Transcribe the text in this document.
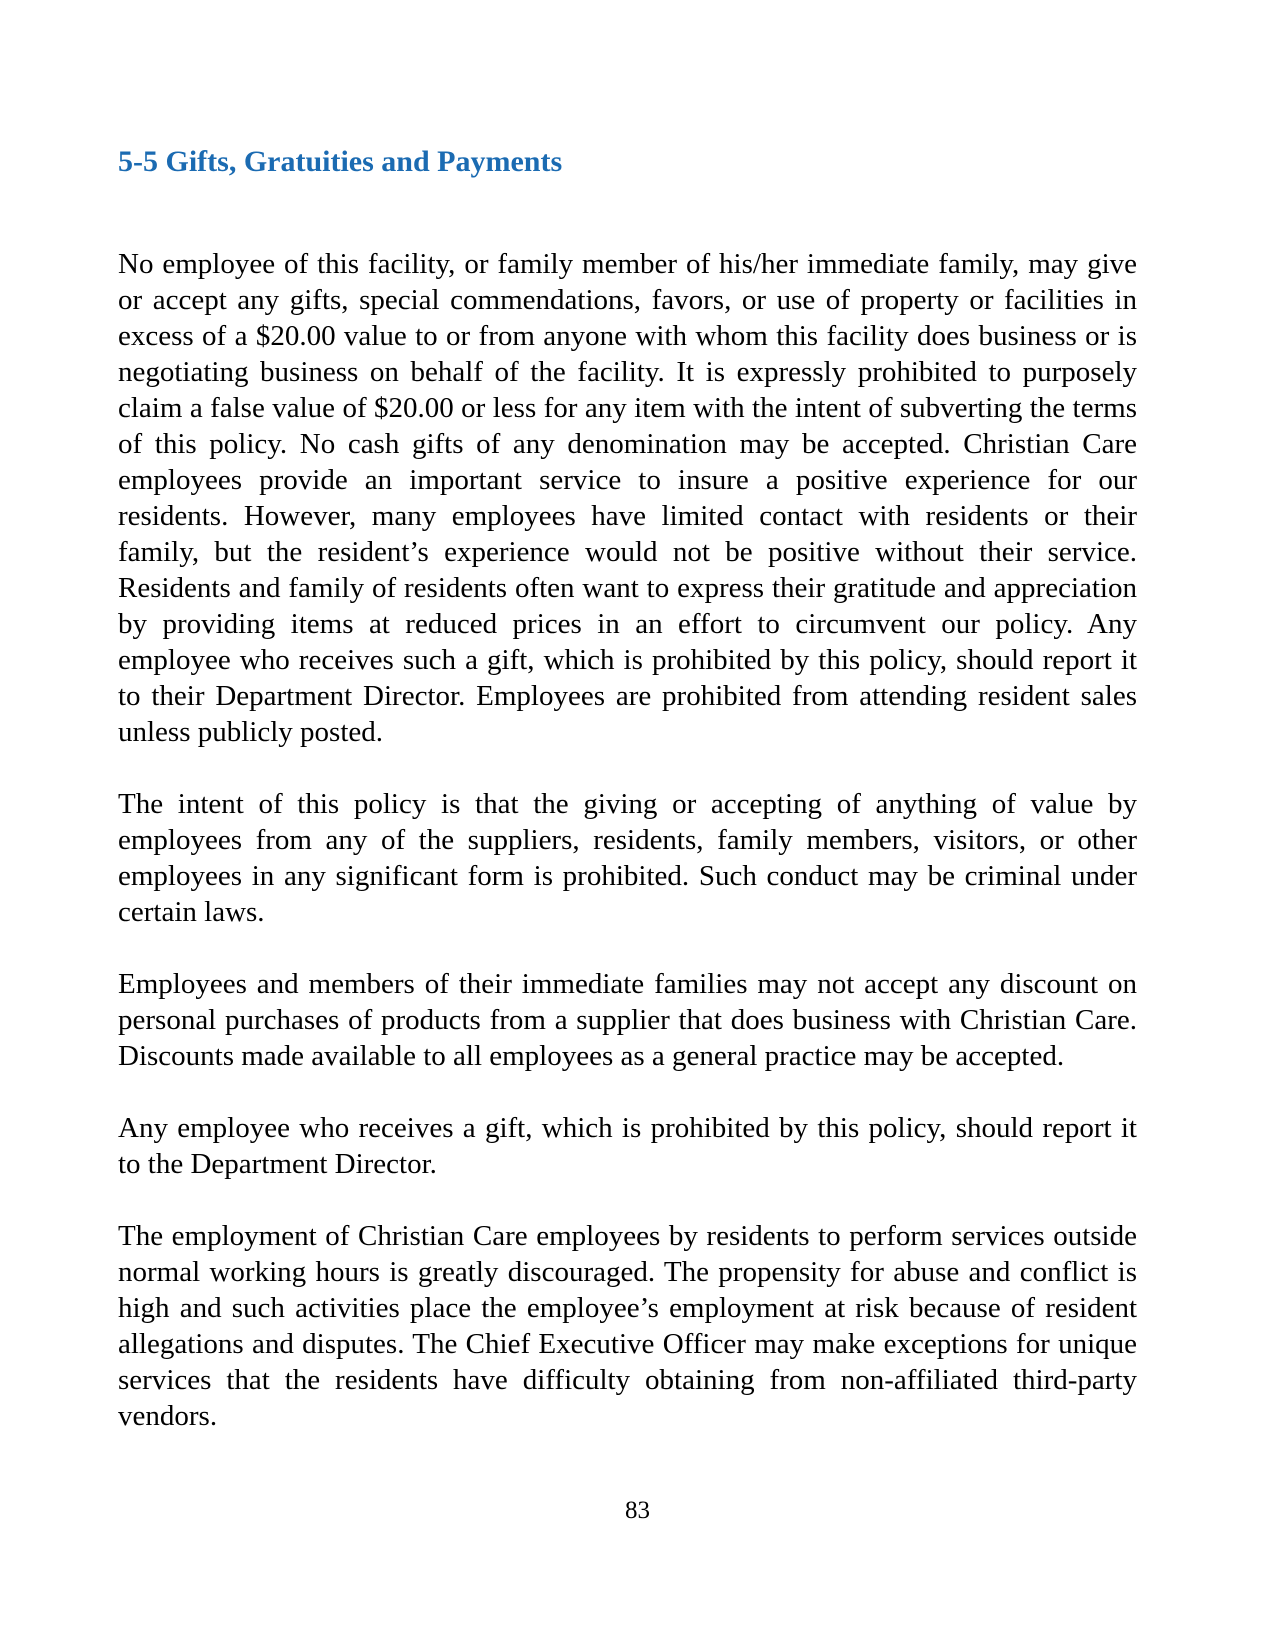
5-5 Gifts, Gratuities and Payments

No employee of this facility, or family member of his/her immediate family, may give or accept any gifts, special commendations, favors, or use of property or facilities in excess of a $20.00 value to or from anyone with whom this facility does business or is negotiating business on behalf of the facility. It is expressly prohibited to purposely claim a false value of $20.00 or less for any item with the intent of subverting the terms of this policy. No cash gifts of any denomination may be accepted. Christian Care employees provide an important service to insure a positive experience for our residents. However, many employees have limited contact with residents or their family, but the resident’s experience would not be positive without their service. Residents and family of residents often want to express their gratitude and appreciation by providing items at reduced prices in an effort to circumvent our policy. Any employee who receives such a gift, which is prohibited by this policy, should report it to their Department Director. Employees are prohibited from attending resident sales unless publicly posted.

The intent of this policy is that the giving or accepting of anything of value by employees from any of the suppliers, residents, family members, visitors, or other employees in any significant form is prohibited. Such conduct may be criminal under certain laws.

Employees and members of their immediate families may not accept any discount on personal purchases of products from a supplier that does business with Christian Care. Discounts made available to all employees as a general practice may be accepted.

Any employee who receives a gift, which is prohibited by this policy, should report it to the Department Director.

The employment of Christian Care employees by residents to perform services outside normal working hours is greatly discouraged. The propensity for abuse and conflict is high and such activities place the employee’s employment at risk because of resident allegations and disputes. The Chief Executive Officer may make exceptions for unique services that the residents have difficulty obtaining from non-affiliated third-party vendors.

83
